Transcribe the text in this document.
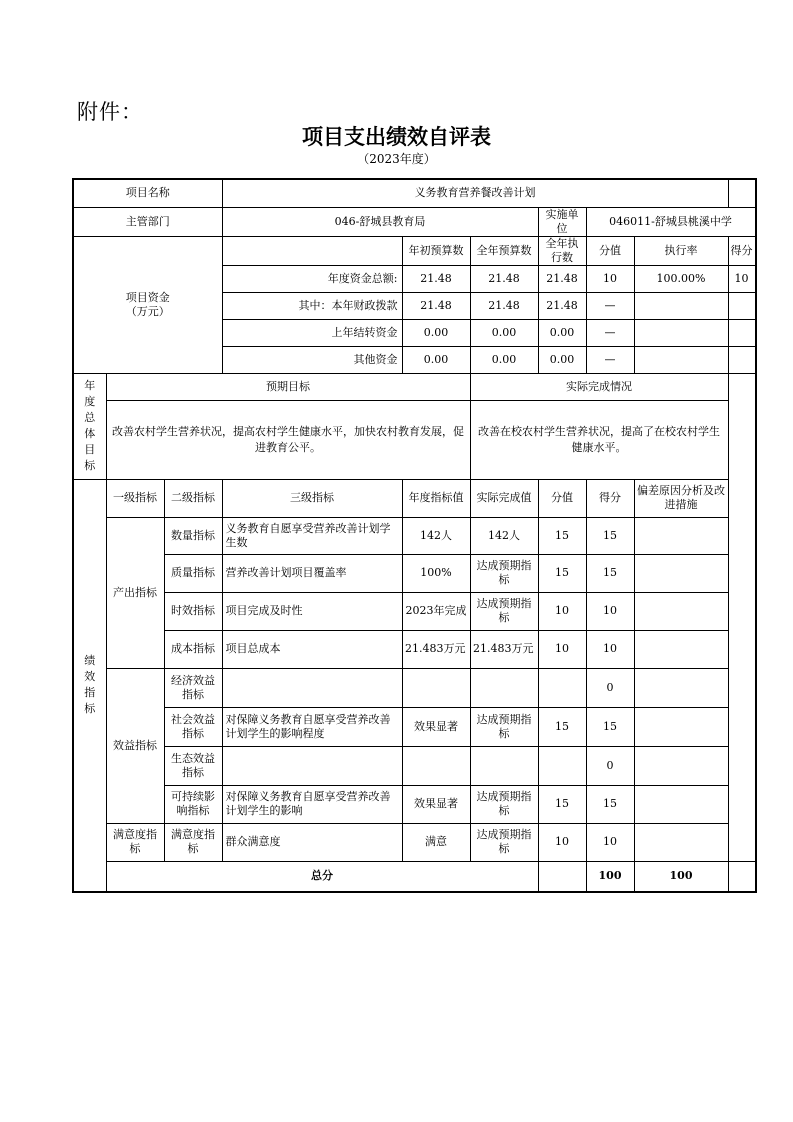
附件：
项目支出绩效自评表
（2023年度）
项目名称			义务教育营养餐改善计划						
主管部门			046-舒城县教育局			实施单位	046011-舒城县桃溪中学		

项目资金
（万元）				年初预算数	全年预算数	全年执行数	分值	执行率	得分
			年度资金总额:	21.48	21.48	21.48	10	100.00%	10
			其中：本年财政拨款	21.48	21.48	21.48	—		
			上年结转资金	0.00	0.00	0.00	—		
			其他资金	0.00	0.00	0.00	—		

年度总体目标	预期目标				实际完成情况				
	改善农村学生营养状况，提高农村学生健康水平，加快农村教育发展，促进教育公平。				改善在校农村学生营养状况，提高了在校农村学生健康水平。				

绩效指标	一级指标	二级指标	三级指标	年度指标值	实际完成值	分值	得分	偏差原因分析及改进措施	
	产出指标	数量指标	义务教育自愿享受营养改善计划学生数	142人	142人	15	15		
		质量指标	营养改善计划项目覆盖率	100%	达成预期指标	15	15		
		时效指标	项目完成及时性	2023年完成	达成预期指标	10	10		
		成本指标	项目总成本	21.483万元	21.483万元	10	10		
	效益指标	经济效益指标					0		
		社会效益指标	对保障义务教育自愿享受营养改善计划学生的影响程度	效果显著	达成预期指标	15	15		
		生态效益指标					0		
		可持续影响指标	对保障义务教育自愿享受营养改善计划学生的影响	效果显著	达成预期指标	15	15		
	满意度指标	满意度指标	群众满意度	满意	达成预期指标	10	10		
	总分						100	100	
